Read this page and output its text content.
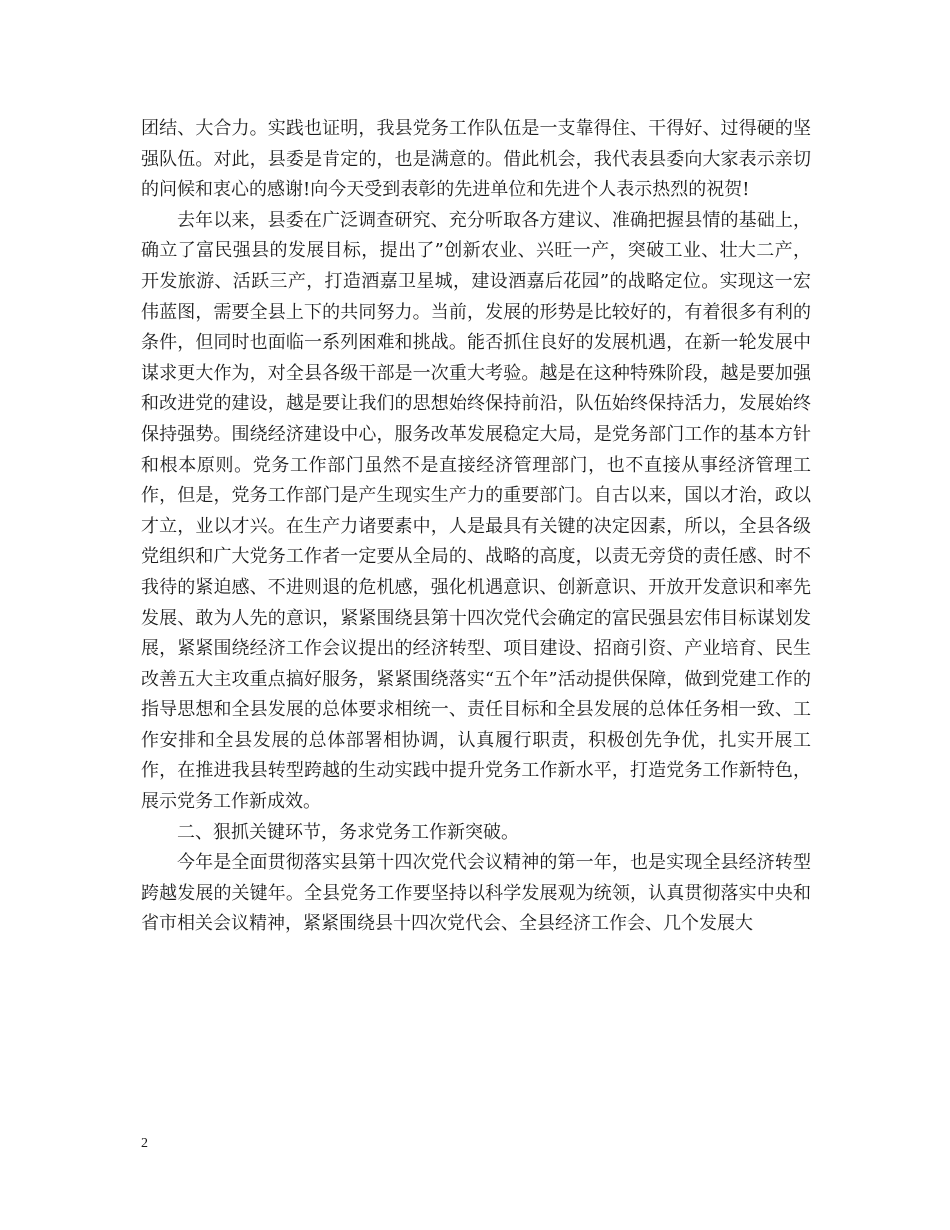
团结、大合力。实践也证明，我县党务工作队伍是一支靠得住、干得好、过得硬的坚强队伍。对此，县委是肯定的，也是满意的。借此机会，我代表县委向大家表示亲切的问候和衷心的感谢!向今天受到表彰的先进单位和先进个人表示热烈的祝贺!

去年以来，县委在广泛调查研究、充分听取各方建议、准确把握县情的基础上，确立了富民强县的发展目标，提出了”创新农业、兴旺一产，突破工业、壮大二产，开发旅游、活跃三产，打造酒嘉卫星城，建设酒嘉后花园”的战略定位。实现这一宏伟蓝图，需要全县上下的共同努力。当前，发展的形势是比较好的，有着很多有利的条件，但同时也面临一系列困难和挑战。能否抓住良好的发展机遇，在新一轮发展中谋求更大作为，对全县各级干部是一次重大考验。越是在这种特殊阶段，越是要加强和改进党的建设，越是要让我们的思想始终保持前沿，队伍始终保持活力，发展始终保持强势。围绕经济建设中心，服务改革发展稳定大局，是党务部门工作的基本方针和根本原则。党务工作部门虽然不是直接经济管理部门，也不直接从事经济管理工作，但是，党务工作部门是产生现实生产力的重要部门。自古以来，国以才治，政以才立，业以才兴。在生产力诸要素中，人是最具有关键的决定因素，所以，全县各级党组织和广大党务工作者一定要从全局的、战略的高度，以责无旁贷的责任感、时不我待的紧迫感、不进则退的危机感，强化机遇意识、创新意识、开放开发意识和率先发展、敢为人先的意识，紧紧围绕县第十四次党代会确定的富民强县宏伟目标谋划发展，紧紧围绕经济工作会议提出的经济转型、项目建设、招商引资、产业培育、民生改善五大主攻重点搞好服务，紧紧围绕落实“五个年”活动提供保障，做到党建工作的指导思想和全县发展的总体要求相统一、责任目标和全县发展的总体任务相一致、工作安排和全县发展的总体部署相协调，认真履行职责，积极创先争优，扎实开展工作，在推进我县转型跨越的生动实践中提升党务工作新水平，打造党务工作新特色，展示党务工作新成效。

二、狠抓关键环节，务求党务工作新突破。

今年是全面贯彻落实县第十四次党代会议精神的第一年，也是实现全县经济转型跨越发展的关键年。全县党务工作要坚持以科学发展观为统领，认真贯彻落实中央和省市相关会议精神，紧紧围绕县十四次党代会、全县经济工作会、几个发展大

2
